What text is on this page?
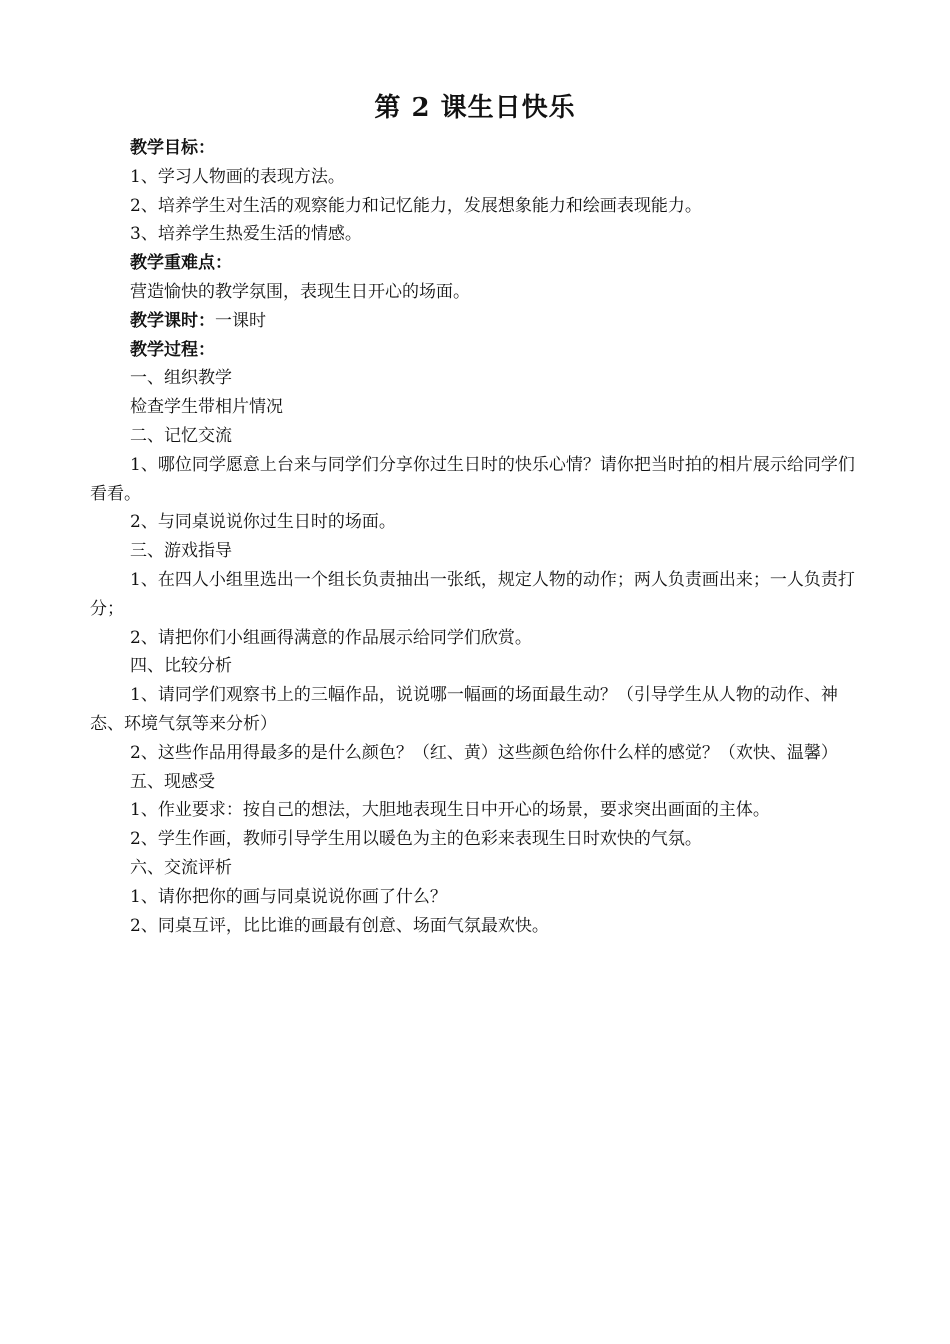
第 2 课生日快乐

教学目标：

1、学习人物画的表现方法。

2、培养学生对生活的观察能力和记忆能力，发展想象能力和绘画表现能力。

3、培养学生热爱生活的情感。

教学重难点：

营造愉快的教学氛围，表现生日开心的场面。

教学课时：一课时

教学过程：

一、组织教学

检查学生带相片情况

二、记忆交流

1、哪位同学愿意上台来与同学们分享你过生日时的快乐心情？请你把当时拍的相片展示给同学们看看。

2、与同桌说说你过生日时的场面。

三、游戏指导

1、在四人小组里选出一个组长负责抽出一张纸，规定人物的动作；两人负责画出来；一人负责打分；

2、请把你们小组画得满意的作品展示给同学们欣赏。

四、比较分析

1、请同学们观察书上的三幅作品，说说哪一幅画的场面最生动？（引导学生从人物的动作、神态、环境气氛等来分析）

2、这些作品用得最多的是什么颜色？（红、黄）这些颜色给你什么样的感觉？（欢快、温馨）

五、现感受

1、作业要求：按自己的想法，大胆地表现生日中开心的场景，要求突出画面的主体。

2、学生作画，教师引导学生用以暖色为主的色彩来表现生日时欢快的气氛。

六、交流评析

1、请你把你的画与同桌说说你画了什么？

2、同桌互评，比比谁的画最有创意、场面气氛最欢快。
